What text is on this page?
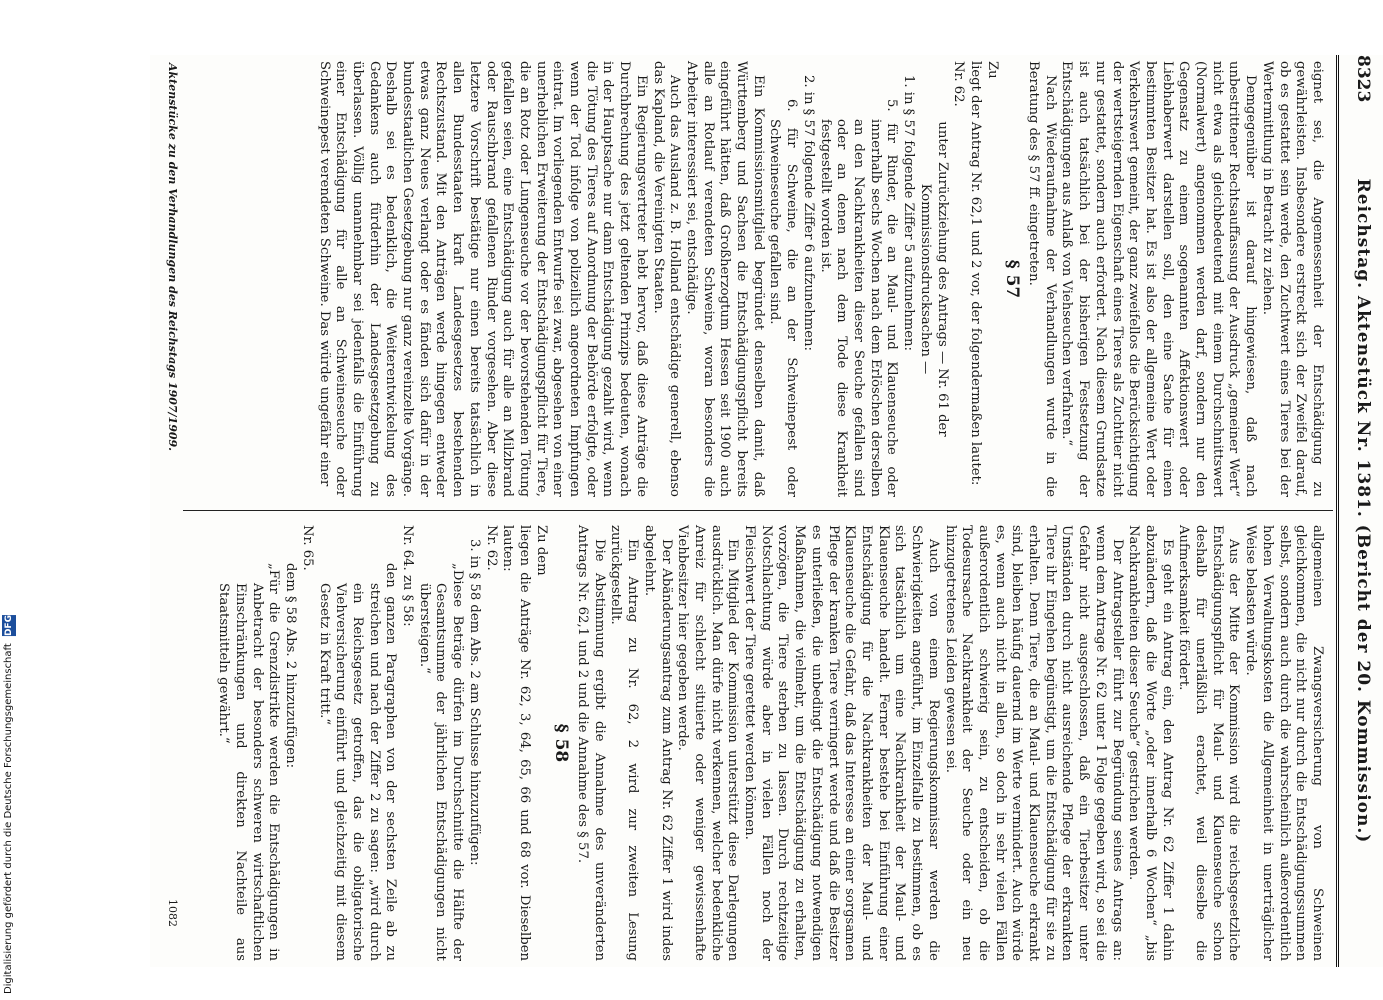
Digitalisierung gefördert durch die Deutsche Forschungsgemeinschaft DFG	Reichstag. Aktenstück Nr. 1381. (Bericht der 20. Kommission.)
8323

eignet sei, die Angemessenheit der Entschädigung zu gewährleisten. Insbesondere erstreckt sich der Zweifel darauf, ob es gestattet sein werde, den Zuchtwert eines Tieres bei der Wertermittlung in Betracht zu ziehen.

Demgegenüber ist darauf hingewiesen, daß nach unbestrittener Rechtsauffassung der Ausdruck „gemeiner Wert“ nicht etwa als gleichbedeutend mit einem Durchschnittswert (Normalwert) angenommen werden darf, sondern nur den Gegensatz zu einem sogenannten Affektionswert oder Liebhaberwert darstellen soll, den eine Sache für einen bestimmten Besitzer hat. Es ist also der allgemeine Wert oder Verkehrswert gemeint, der ganz zweifellos die Berücksichtigung der wertsteigernden Eigenschaft eines Tieres als Zuchttier nicht nur gestattet, sondern auch erfordert. Nach diesem Grundsatze ist auch tatsächlich bei der bisherigen Festsetzung der Entschädigungen aus Anlaß von Viehseuchen verfahren.“

Nach Wiederaufnahme der Verhandlungen wurde in die Beratung des § 57 ff. eingetreten.

§ 57

Zu

liegt der Antrag Nr. 62,1 und 2 vor, der folgendermaßen lautet:

Nr. 62.

unter Zurückziehung des Antrags — Nr. 61 der Kommissionsdrucksachen —

1. in § 57 folgende Ziffer 5 aufzunehmen:

5. für Rinder, die an Maul- und Klauenseuche oder innerhalb sechs Wochen nach dem Erlöschen derselben an den Nachkrankheiten dieser Seuche gefallen sind oder an denen nach dem Tode diese Krankheit festgestellt worden ist.

2. in § 57 folgende Ziffer 6 aufzunehmen:

6. für Schweine, die an der Schweinepest oder Schweineseuche gefallen sind.

Ein Kommissionsmitglied begründet denselben damit, daß Württemberg und Sachsen die Entschädigungspflicht bereits eingeführt hätten, daß Großherzogtum Hessen seit 1900 auch alle an Rotlauf verendeten Schweine, woran besonders die Arbeiter interessiert sei, entschädige.

Auch das Ausland z. B. Holland entschädige generell, ebenso das Kapland, die Vereinigten Staaten.

Ein Regierungsvertreter hebt hervor, daß diese Anträge die Durchbrechung des jetzt geltenden Prinzips bedeuten, wonach in der Hauptsache nur dann Entschädigung gezahlt wird, wenn die Tötung des Tieres auf Anordnung der Behörde erfolgte, oder wenn der Tod infolge von polizeilich angeordneten Impfungen eintrat. Im vorliegenden Entwurfe sei zwar, abgesehen von einer unerheblichen Erweiterung der Entschädigungspflicht für Tiere, die an Rotz oder Lungenseuche vor der bevorstehenden Tötung gefallen seien, eine Entschädigung auch für alle an Milzbrand oder Rauschbrand gefallenen Rinder vorgesehen. Aber diese letztere Vorschrift bestätige nur einen bereits tatsächlich in allen Bundesstaaten kraft Landesgesetzes bestehenden Rechtszustand. Mit den Anträgen werde hingegen entweder etwas ganz Neues verlangt oder es fänden sich dafür in der bundesstaatlichen Gesetzgebung nur ganz vereinzelte Vorgänge. Deshalb sei es bedenklich, die Weiterentwickelung des Gedankens auch fürderhin der Landesgesetzgebung zu überlassen. Völlig unannehmbar sei jedenfalls die Einführung einer Entschädigung für alle an Schweineseuche oder Schweinepest verendeten Schweine. Das würde ungefähr einer

allgemeinen Zwangsversicherung von Schweinen gleichkommen, die nicht nur durch die Entschädigungssummen selbst, sondern auch durch die wahrscheinlich außerordentlich hohen Verwaltungskosten die Allgemeinheit in unerträglicher Weise belasten würde.

Aus der Mitte der Kommission wird die reichsgesetzliche Entschädigungspflicht für Maul- und Klauenseuche schon deshalb für unerläßlich erachtet, weil dieselbe die Aufmerksamkeit fördert.

Es geht ein Antrag ein, den Antrag Nr. 62 Ziffer 1 dahin abzuändern, daß die Worte „oder innerhalb 6 Wochen“ „bis Nachkrankheiten dieser Seuche“ gestrichen werden.

Der Antragsteller führt zur Begründung seines Antrags an: wenn dem Antrage Nr. 62 unter 1 Folge gegeben wird, so sei die Gefahr nicht ausgeschlossen, daß ein Tierbesitzer unter Umständen durch nicht ausreichende Pflege der erkrankten Tiere ihr Eingehen begünstigt, um die Entschädigung für sie zu erhalten. Denn Tiere, die an Maul- und Klauenseuche erkrankt sind, bleiben häufig dauernd im Werte vermindert. Auch würde es, wenn auch nicht in allen, so doch in sehr vielen Fällen außerordentlich schwierig sein, zu entscheiden, ob die Todesursache Nachkrankheit der Seuche oder ein neu hinzugetretenes Leiden gewesen sei.

Auch von einem Regierungskommissar werden die Schwierigkeiten angeführt, im Einzelfalle zu bestimmen, ob es sich tatsächlich um eine Nachkrankheit der Maul- und Klauenseuche handelt. Ferner bestehe bei Einführung einer Entschädigung für die Nachkrankheiten der Maul- und Klauenseuche die Gefahr, daß das Interesse an einer sorgsamen Pflege der kranken Tiere verringert werde und daß die Besitzer es unterließen, die unbedingt die Entschädigung notwendigen Maßnahmen, die vielmehr, um die Entschädigung zu erhalten, vorzögen, die Tiere sterben zu lassen. Durch rechtzeitige Notschlachtung würde aber in vielen Fällen noch der Fleischwert der Tiere gerettet werden können.

Ein Mitglied der Kommission unterstützt diese Darlegungen ausdrücklich. Man dürfe nicht verkennen, welcher bedenkliche Anreiz für schlecht situierte oder weniger gewissenhafte Viehbesitzer hier gegeben werde.

Der Abänderungsantrag zum Antrag Nr. 62 Ziffer 1 wird indes abgelehnt.

Ein Antrag zu Nr. 62, 2 wird zur zweiten Lesung zurückgestellt.

Die Abstimmung ergibt die Annahme des unveränderten Antrags Nr. 62,1 und 2 und die Annahme des § 57.

§ 58

Zu dem

liegen die Anträge Nr. 62, 3, 64, 65, 66 und 68 vor. Dieselben lauten:

Nr. 62.

3. in § 58 dem Abs. 2 am Schlusse hinzuzufügen:

„Diese Beträge dürfen im Durchschnitte die Hälfte der Gesamtsumme der jährlichen Entschädigungen nicht übersteigen.“

Nr. 64. zu § 58:

den ganzen Paragraphen von der sechsten Zeile ab zu streichen und nach der Ziffer 2 zu sagen: „wird durch ein Reichsgesetz getroffen, das die obligatorische Viehversicherung einführt und gleichzeitig mit diesem Gesetz in Kraft tritt.“

Nr. 65.

dem § 58 Abs. 2 hinzuzufügen:

„Für die Grenzdistrikte werden die Entschädigungen in Anbetracht der besonders schweren wirtschaftlichen Einschränkungen und direkten Nachteile aus Staatsmitteln gewährt.“

Aktenstücke zu den Verhandlungen des Reichstags 1907/1909.
1082
